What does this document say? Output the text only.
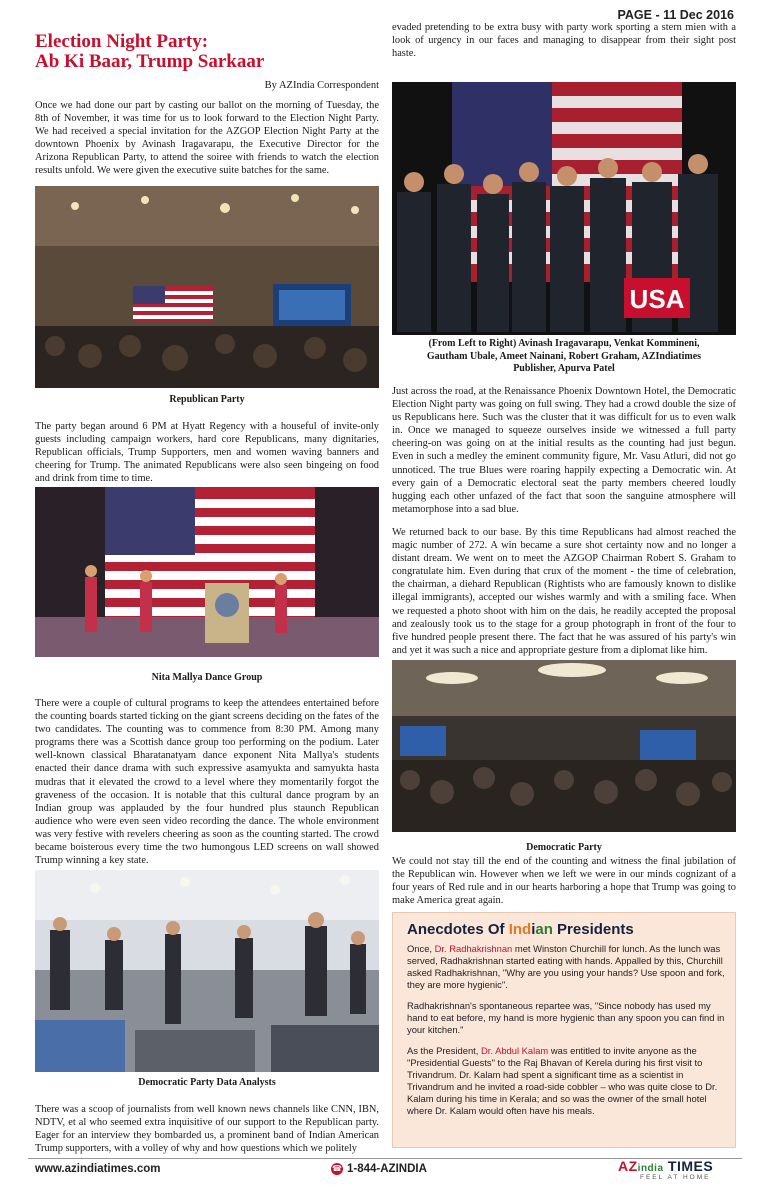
PAGE - 11 Dec 2016
Election Night Party:
Ab Ki Baar, Trump Sarkaar
By AZIndia Correspondent

Once we had done our part by casting our ballot on the morning of Tuesday, the 8th of November, it was time for us to look forward to the Election Night Party. We had received a special invitation for the AZGOP Election Night Party at the downtown Phoenix by Avinash Iragavarapu, the Executive Director for the Arizona Republican Party, to attend the soiree with friends to watch the election results unfold. We were given the executive suite batches for the same.

Republican Party

The party began around 6 PM at Hyatt Regency with a houseful of invite-only guests including campaign workers, hard core Republicans, many dignitaries, Republican officials, Trump Supporters, men and women waving banners and cheering for Trump. The animated Republicans were also seen bingeing on food and drink from time to time.

Nita Mallya Dance Group

There were a couple of cultural programs to keep the attendees entertained before the counting boards started ticking on the giant screens deciding on the fates of the two candidates. The counting was to commence from 8:30 PM. Among many programs there was a Scottish dance group too performing on the podium. Later well-known classical Bharatanatyam dance exponent Nita Mallya's students enacted their dance drama with such expressive asamyukta and samyukta hasta mudras that it elevated the crowd to a level where they momentarily forgot the graveness of the occasion. It is notable that this cultural dance program by an Indian group was applauded by the four hundred plus staunch Republican audience who were even seen video recording the dance. The whole environment was very festive with revelers cheering as soon as the counting started. The crowd became boisterous every time the two humongous LED screens on wall showed Trump winning a key state.

Democratic Party Data Analysts

There was a scoop of journalists from well known news channels like CNN, IBN, NDTV, et al who seemed extra inquisitive of our support to the Republican party. Eager for an interview they bombarded us, a prominent band of Indian American Trump supporters, with a volley of why and how questions which we politely

evaded pretending to be extra busy with party work sporting a stern mien with a look of urgency in our faces and managing to disappear from their sight post haste.

USA
(From Left to Right) Avinash Iragavarapu, Venkat Kommineni,
Gautham Ubale, Ameet Nainani, Robert Graham, AZIndiatimes
Publisher, Apurva Patel

Just across the road, at the Renaissance Phoenix Downtown Hotel, the Democratic Election Night party was going on full swing. They had a crowd double the size of us Republicans here. Such was the cluster that it was difficult for us to even walk in. Once we managed to squeeze ourselves inside we witnessed a full party cheering-on was going on at the initial results as the counting had just begun. Even in such a medley the eminent community figure, Mr. Vasu Atluri, did not go unnoticed. The true Blues were roaring happily expecting a Democratic win. At every gain of a Democratic electoral seat the party members cheered loudly hugging each other unfazed of the fact that soon the sanguine atmosphere will metamorphose into a sad blue.

We returned back to our base. By this time Republicans had almost reached the magic number of 272. A win became a sure shot certainty now and no longer a distant dream. We went on to meet the AZGOP Chairman Robert S. Graham to congratulate him. Even during that crux of the moment - the time of celebration, the chairman, a diehard Republican (Rightists who are famously known to dislike illegal immigrants), accepted our wishes warmly and with a smiling face. When we requested a photo shoot with him on the dais, he readily accepted the proposal and zealously took us to the stage for a group photograph in front of the four to five hundred people present there. The fact that he was assured of his party's win and yet it was such a nice and appropriate gesture from a diplomat like him.

Democratic Party

We could not stay till the end of the counting and witness the final jubilation of the Republican win. However when we left we were in our minds cognizant of a four years of Red rule and in our hearts harboring a hope that Trump was going to make America great again.

Anecdotes Of Indian Presidents

Once, Dr. Radhakrishnan met Winston Churchill for lunch. As the lunch was served, Radhakrishnan started eating with hands. Appalled by this, Churchill asked Radhakrishnan, "Why are you using your hands? Use spoon and fork, they are more hygienic".

Radhakrishnan's spontaneous repartee was, "Since nobody has used my hand to eat before, my hand is more hygienic than any spoon you can find in your kitchen."

As the President, Dr. Abdul Kalam was entitled to invite anyone as the "Presidential Guests" to the Raj Bhavan of Kerela during his first visit to Trivandrum. Dr. Kalam had spent a significant time as a scientist in Trivandrum and he invited a road-side cobbler – who was quite close to Dr. Kalam during his time in Kerala; and so was the owner of the small hotel where Dr. Kalam would often have his meals.

www.azindiatimes.com	☎ 1-844-AZINDIA	AZindia TIMES
FEEL AT HOME
